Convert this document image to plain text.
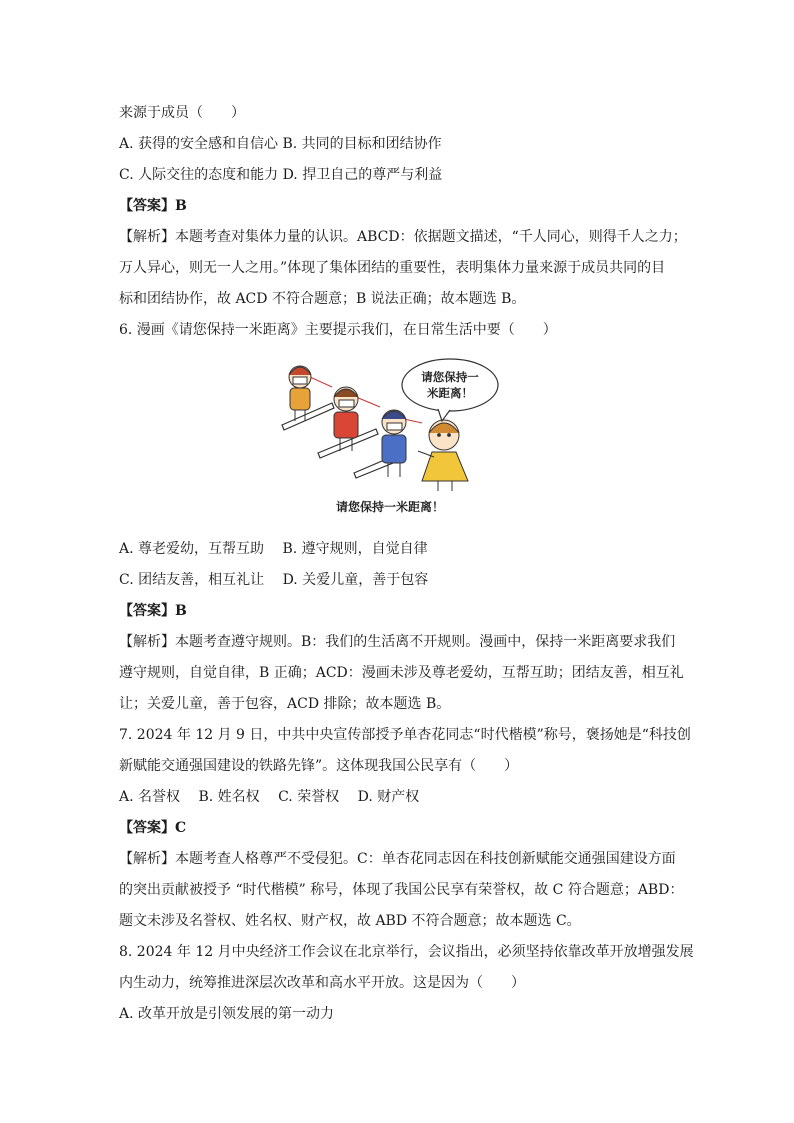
来源于成员（　　）
A. 获得的安全感和自信心 B. 共同的目标和团结协作
C. 人际交往的态度和能力 D. 捍卫自己的尊严与利益
【答案】B
【解析】本题考查对集体力量的认识。ABCD：依据题文描述，“千人同心，则得千人之力；
万人异心，则无一人之用。”体现了集体团结的重要性，表明集体力量来源于成员共同的目
标和团结协作，故 ACD 不符合题意；B 说法正确；故本题选 B。
6. 漫画《请您保持一米距离》主要提示我们，在日常生活中要（　　）
请您保持一
米距离！
请您保持一米距离！
A. 尊老爱幼，互帮互助　 B. 遵守规则，自觉自律
C. 团结友善，相互礼让　 D. 关爱儿童，善于包容
【答案】B
【解析】本题考查遵守规则。B：我们的生活离不开规则。漫画中，保持一米距离要求我们
遵守规则，自觉自律，B 正确；ACD：漫画未涉及尊老爱幼，互帮互助；团结友善，相互礼
让；关爱儿童，善于包容，ACD 排除；故本题选 B。
7. 2024 年 12 月 9 日，中共中央宣传部授予单杏花同志“时代楷模”称号，褒扬她是“科技创
新赋能交通强国建设的铁路先锋”。这体现我国公民享有（　　）
A. 名誉权　 B. 姓名权　 C. 荣誉权　 D. 财产权
【答案】C
【解析】本题考查人格尊严不受侵犯。C：单杏花同志因在科技创新赋能交通强国建设方面
的突出贡献被授予 “时代楷模” 称号，体现了我国公民享有荣誉权，故 C 符合题意；ABD：
题文未涉及名誉权、姓名权、财产权，故 ABD 不符合题意；故本题选 C。
8. 2024 年 12 月中央经济工作会议在北京举行，会议指出，必须坚持依靠改革开放增强发展
内生动力，统筹推进深层次改革和高水平开放。这是因为（　　）
A. 改革开放是引领发展的第一动力
